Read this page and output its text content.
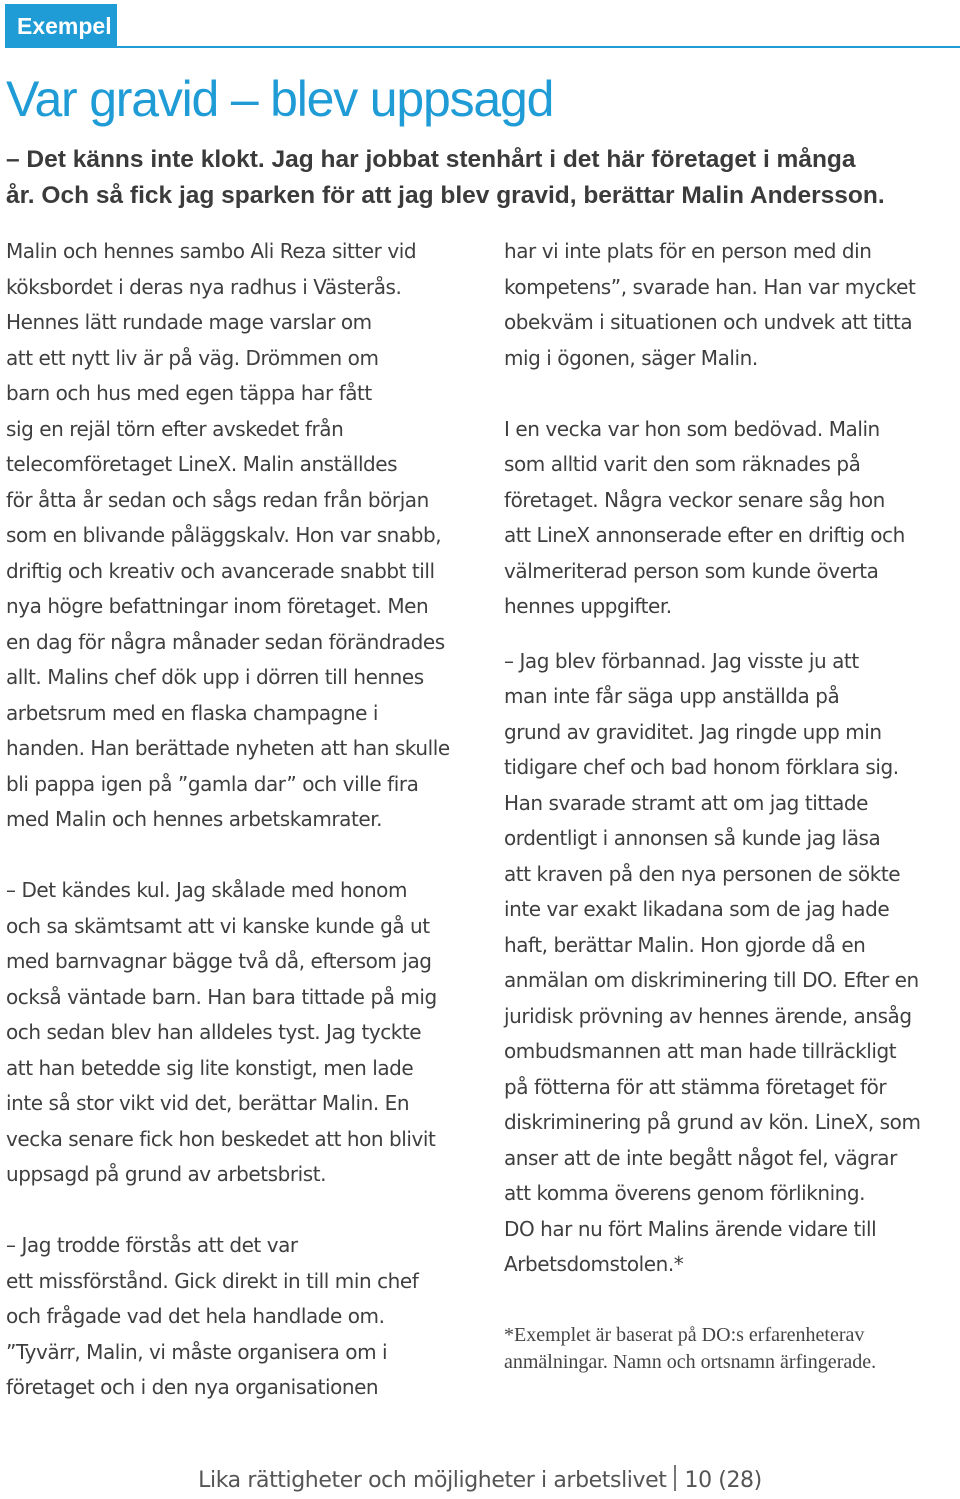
Exempel
Var gravid – blev uppsagd

– Det känns inte klokt. Jag har jobbat stenhårt i det här företaget i många
år. Och så fick jag sparken för att jag blev gravid, berättar Malin Andersson.

Malin och hennes sambo Ali Reza sitter vid
köksbordet i deras nya radhus i Västerås.
Hennes lätt rundade mage varslar om
att ett nytt liv är på väg. Drömmen om
barn och hus med egen täppa har fått
sig en rejäl törn efter avskedet från
telecomföretaget LineX. Malin anställdes
för åtta år sedan och sågs redan från början
som en blivande påläggskalv. Hon var snabb,
driftig och kreativ och avancerade snabbt till
nya högre befattningar inom företaget. Men
en dag för några månader sedan förändrades
allt. Malins chef dök upp i dörren till hennes
arbetsrum med en flaska champagne i
handen. Han berättade nyheten att han skulle
bli pappa igen på ”gamla dar” och ville fira
med Malin och hennes arbetskamrater.

– Det kändes kul. Jag skålade med honom
och sa skämtsamt att vi kanske kunde gå ut
med barnvagnar bägge två då, eftersom jag
också väntade barn. Han bara tittade på mig
och sedan blev han alldeles tyst. Jag tyckte
att han betedde sig lite konstigt, men lade
inte så stor vikt vid det, berättar Malin. En
vecka senare fick hon beskedet att hon blivit
uppsagd på grund av arbetsbrist.

– Jag trodde förstås att det var
ett missförstånd. Gick direkt in till min chef
och frågade vad det hela handlade om.
”Tyvärr, Malin, vi måste organisera om i
företaget och i den nya organisationen

har vi inte plats för en person med din
kompetens”, svarade han. Han var mycket
obekväm i situationen och undvek att titta
mig i ögonen, säger Malin.

I en vecka var hon som bedövad. Malin
som alltid varit den som räknades på
företaget. Några veckor senare såg hon
att LineX annonserade efter en driftig och
välmeriterad person som kunde överta
hennes uppgifter.

– Jag blev förbannad. Jag visste ju att
man inte får säga upp anställda på
grund av graviditet. Jag ringde upp min
tidigare chef och bad honom förklara sig.
Han svarade stramt att om jag tittade
ordentligt i annonsen så kunde jag läsa
att kraven på den nya personen de sökte
inte var exakt likadana som de jag hade
haft, berättar Malin. Hon gjorde då en
anmälan om diskriminering till DO. Efter en
juridisk prövning av hennes ärende, ansåg
ombudsmannen att man hade tillräckligt
på fötterna för att stämma företaget för
diskriminering på grund av kön. LineX, som
anser att de inte begått något fel, vägrar
att komma överens genom förlikning.
DO har nu fört Malins ärende vidare till
Arbetsdomstolen.*

*Exemplet är baserat på DO:s erfarenheterav anmälningar. Namn och ortsnamn ärfingerade.

Lika rättigheter och möjligheter i arbetslivet 10 (28)
